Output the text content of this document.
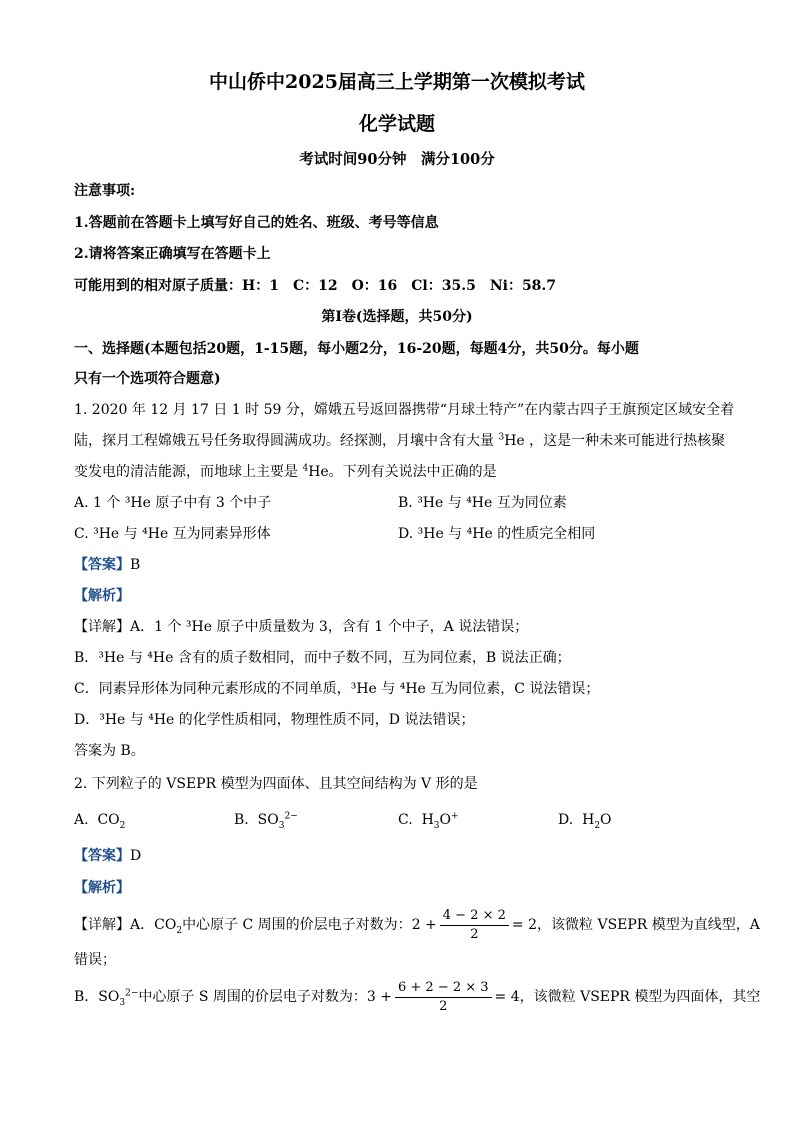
中山侨中2025届高三上学期第一次模拟考试
化学试题
考试时间90分钟　满分100分
注意事项:
1.答题前在答题卡上填写好自己的姓名、班级、考号等信息
2.请将答案正确填写在答题卡上
可能用到的相对原子质量：H：1　C：12　O：16　Cl：35.5　Ni：58.7
第I卷(选择题，共50分)
一、选择题(本题包括20题，1-15题，每小题2分，16-20题，每题4分，共50分。每小题
只有一个选项符合题意)
1. 2020 年 12 月 17 日 1 时 59 分，嫦娥五号返回器携带“月球土特产”在内蒙古四子王旗预定区域安全着
陆，探月工程嫦娥五号任务取得圆满成功。经探测，月壤中含有大量 $^3$He ，这是一种未来可能进行热核聚
变发电的清洁能源，而地球上主要是 $^4$He。下列有关说法中正确的是
A. 1 个 ³He 原子中有 3 个中子	B. ³He 与 ⁴He 互为同位素
C. ³He 与 ⁴He 互为同素异形体	D. ³He 与 ⁴He 的性质完全相同
【答案】B
【解析】
【详解】A．1 个 ³He 原子中质量数为 3，含有 1 个中子，A 说法错误；
B．³He 与 ⁴He 含有的质子数相同，而中子数不同，互为同位素，B 说法正确；
C．同素异形体为同种元素形成的不同单质，³He 与 ⁴He 互为同位素，C 说法错误；
D．³He 与 ⁴He 的化学性质相同，物理性质不同，D 说法错误；
答案为 B。
2. 下列粒子的 VSEPR 模型为四面体、且其空间结构为 V 形的是
A. $CO_2$	B. $SO_3^{2-}$	C. $H_3O^+$	D. $H_2O$
【答案】D
【解析】
【详解】A．$CO_2$中心原子 C 周围的价层电子对数为：$2 + \frac{4 - 2 \times 2}{2} = 2$，该微粒 VSEPR 模型为直线型，A
错误；
B．$SO_3^{2-}$中心原子 S 周围的价层电子对数为：$3 + \frac{6 + 2 - 2 \times 3}{2} = 4$，该微粒 VSEPR 模型为四面体，其空
